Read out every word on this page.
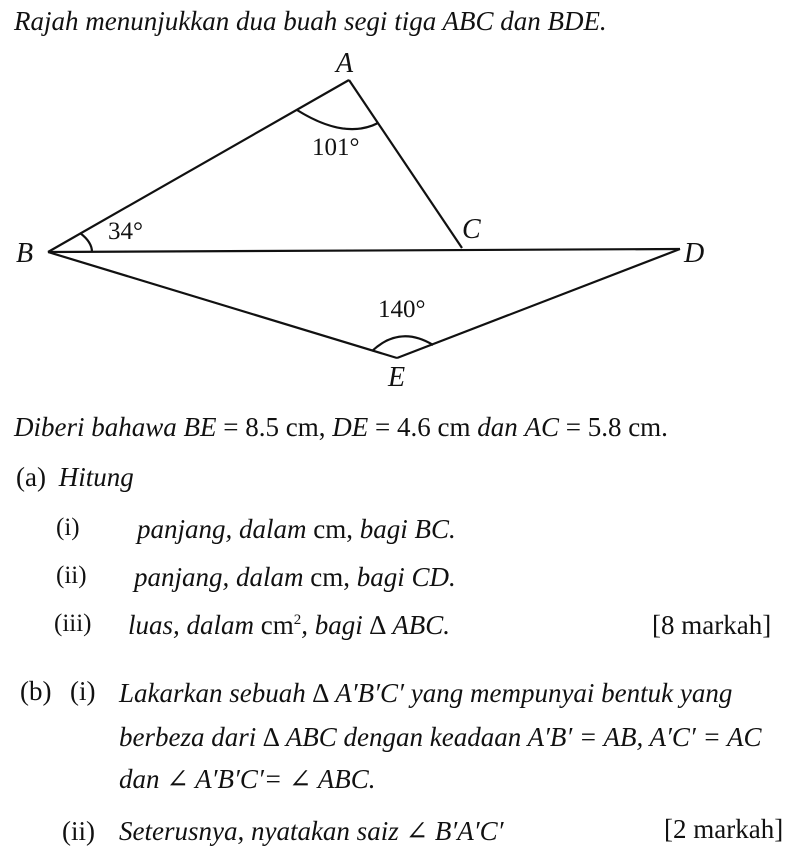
Rajah menunjukkan dua buah segi tiga ABC dan BDE.
A
B
C
D
E
101°
34°
140°
Diberi bahawa BE = 8.5 cm, DE = 4.6 cm dan AC = 5.8 cm.
(a) Hitung
(i) panjang, dalam cm, bagi BC.
(ii) panjang, dalam cm, bagi CD.
(iii) luas, dalam $cm^2$, bagi ∆ ABC.	[8 markah]
(b) (i) Lakarkan sebuah ∆ A′B′C′ yang mempunyai bentuk yang
berbeza dari ∆ ABC dengan keadaan A′B′ = AB, A′C′ = AC
dan ∠ A′B′C′= ∠ ABC.
(ii) Seterusnya, nyatakan saiz ∠ B′A′C′	[2 markah]
